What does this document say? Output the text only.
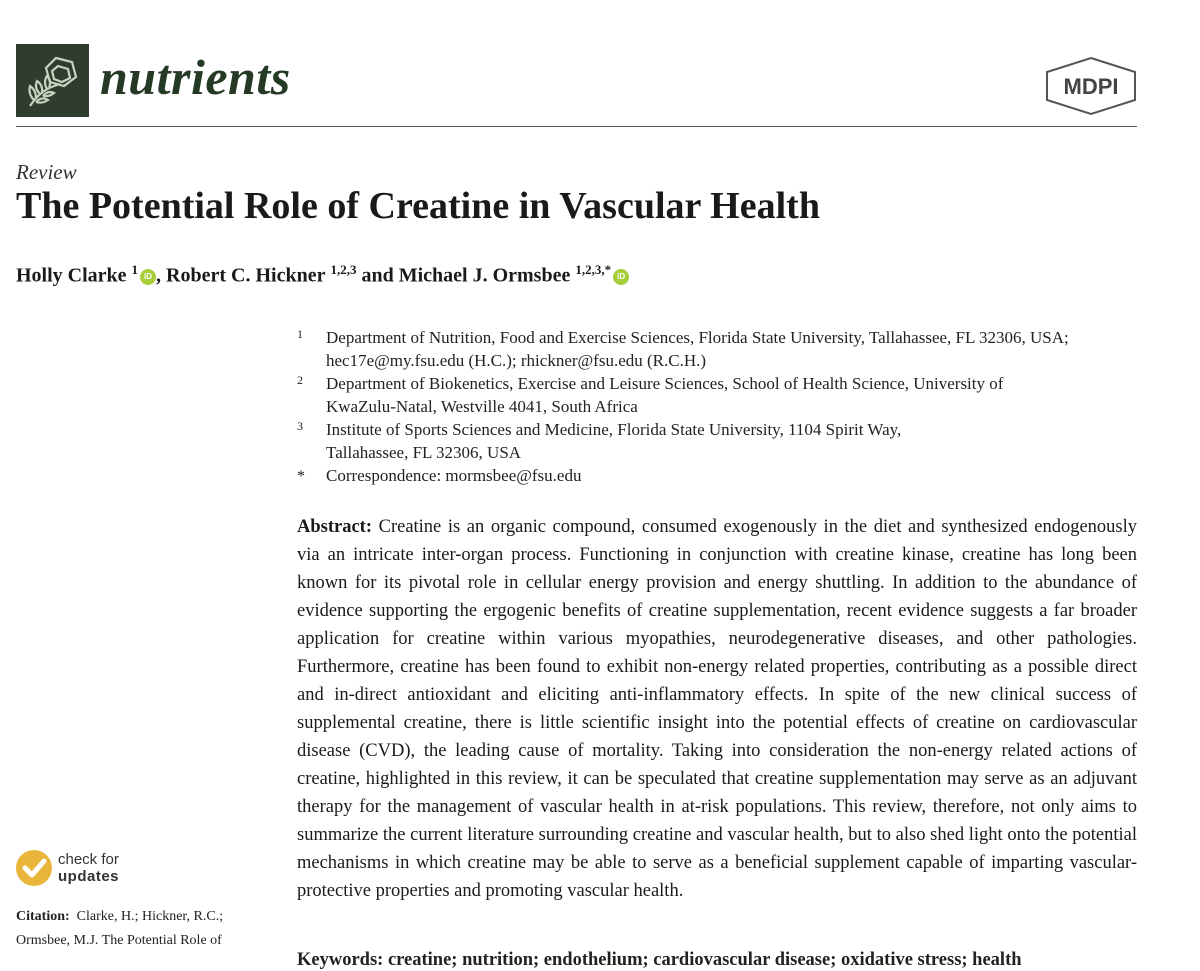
nutrients	MDPI
Review
The Potential Role of Creatine in Vascular Health
Holly Clarke $^1$ iD , Robert C. Hickner $^{1,2,3}$ and Michael J. Ormsbee $^{1,2,3,*}$ iD
1	Department of Nutrition, Food and Exercise Sciences, Florida State University, Tallahassee, FL 32306, USA;
hec17e@my.fsu.edu (H.C.); rhickner@fsu.edu (R.C.H.)
2	Department of Biokenetics, Exercise and Leisure Sciences, School of Health Science, University of
KwaZulu-Natal, Westville 4041, South Africa
3	Institute of Sports Sciences and Medicine, Florida State University, 1104 Spirit Way,
Tallahassee, FL 32306, USA
*	Correspondence: mormsbee@fsu.edu

Abstract: Creatine is an organic compound, consumed exogenously in the diet and synthesized endogenously via an intricate inter-organ process. Functioning in conjunction with creatine kinase, creatine has long been known for its pivotal role in cellular energy provision and energy shuttling. In addition to the abundance of evidence supporting the ergogenic benefits of creatine supplementation, recent evidence suggests a far broader application for creatine within various myopathies, neurodegenerative diseases, and other pathologies. Furthermore, creatine has been found to exhibit non-energy related properties, contributing as a possible direct and in-direct antioxidant and eliciting anti-inflammatory effects. In spite of the new clinical success of supplemental creatine, there is little scientific insight into the potential effects of creatine on cardiovascular disease (CVD), the leading cause of mortality. Taking into consideration the non-energy related actions of creatine, highlighted in this review, it can be speculated that creatine supplementation may serve as an adjuvant therapy for the management of vascular health in at-risk populations. This review, therefore, not only aims to summarize the current literature surrounding creatine and vascular health, but to also shed light onto the potential mechanisms in which creatine may be able to serve as a beneficial supplement capable of imparting vascular-protective properties and promoting vascular health.

check for
updates
Citation: Clarke, H.; Hickner, R.C.; Ormsbee, M.J. The Potential Role of
Keywords: creatine; nutrition; endothelium; cardiovascular disease; oxidative stress; health
